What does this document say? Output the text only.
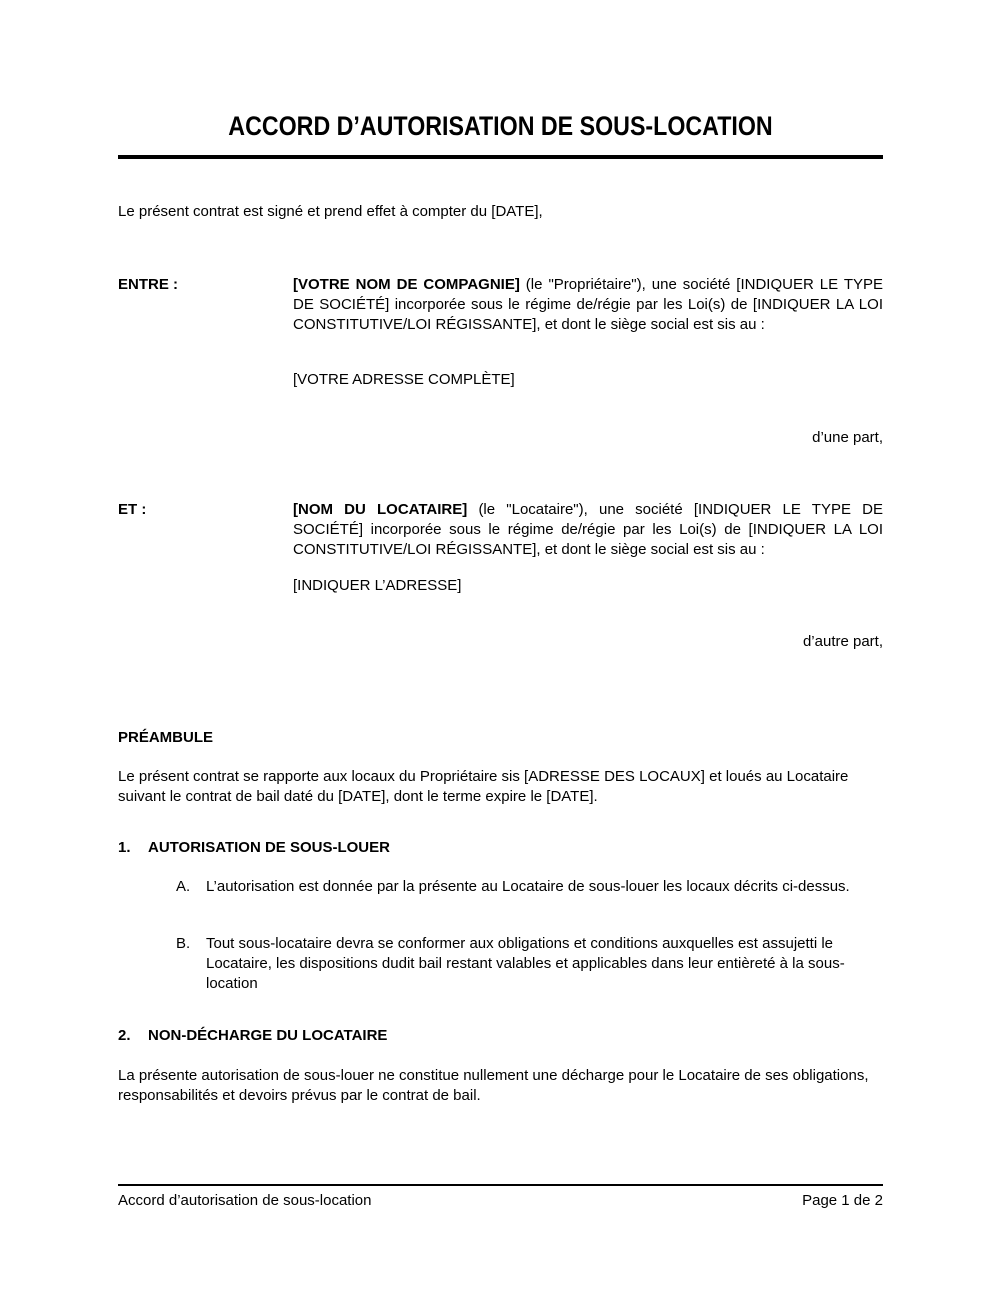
ACCORD D’AUTORISATION DE SOUS-LOCATION
Le présent contrat est signé et prend effet à compter du [DATE],
ENTRE :	[VOTRE NOM DE COMPAGNIE] (le "Propriétaire"), une société [INDIQUER LE TYPE DE SOCIÉTÉ] incorporée sous le régime de/régie par les Loi(s) de [INDIQUER LA LOI CONSTITUTIVE/LOI RÉGISSANTE], et dont le siège social est sis au :
[VOTRE ADRESSE COMPLÈTE]
d’une part,
ET :	[NOM DU LOCATAIRE] (le "Locataire"), une société [INDIQUER LE TYPE DE SOCIÉTÉ] incorporée sous le régime de/régie par les Loi(s) de [INDIQUER LA LOI CONSTITUTIVE/LOI RÉGISSANTE], et dont le siège social est sis au :
[INDIQUER L’ADRESSE]
d’autre part,
PRÉAMBULE
Le présent contrat se rapporte aux locaux du Propriétaire sis [ADRESSE DES LOCAUX] et loués au Locataire suivant le contrat de bail daté du [DATE], dont le terme expire le [DATE].
1.	AUTORISATION DE SOUS-LOUER
A.	L’autorisation est donnée par la présente au Locataire de sous-louer les locaux décrits ci-dessus.
B.	Tout sous-locataire devra se conformer aux obligations et conditions auxquelles est assujetti le Locataire, les dispositions dudit bail restant valables et applicables dans leur entièreté à la sous-location
2.	NON-DÉCHARGE DU LOCATAIRE
La présente autorisation de sous-louer ne constitue nullement une décharge pour le Locataire de ses obligations, responsabilités et devoirs prévus par le contrat de bail.
Accord d’autorisation de sous-location	Page 1 de 2
